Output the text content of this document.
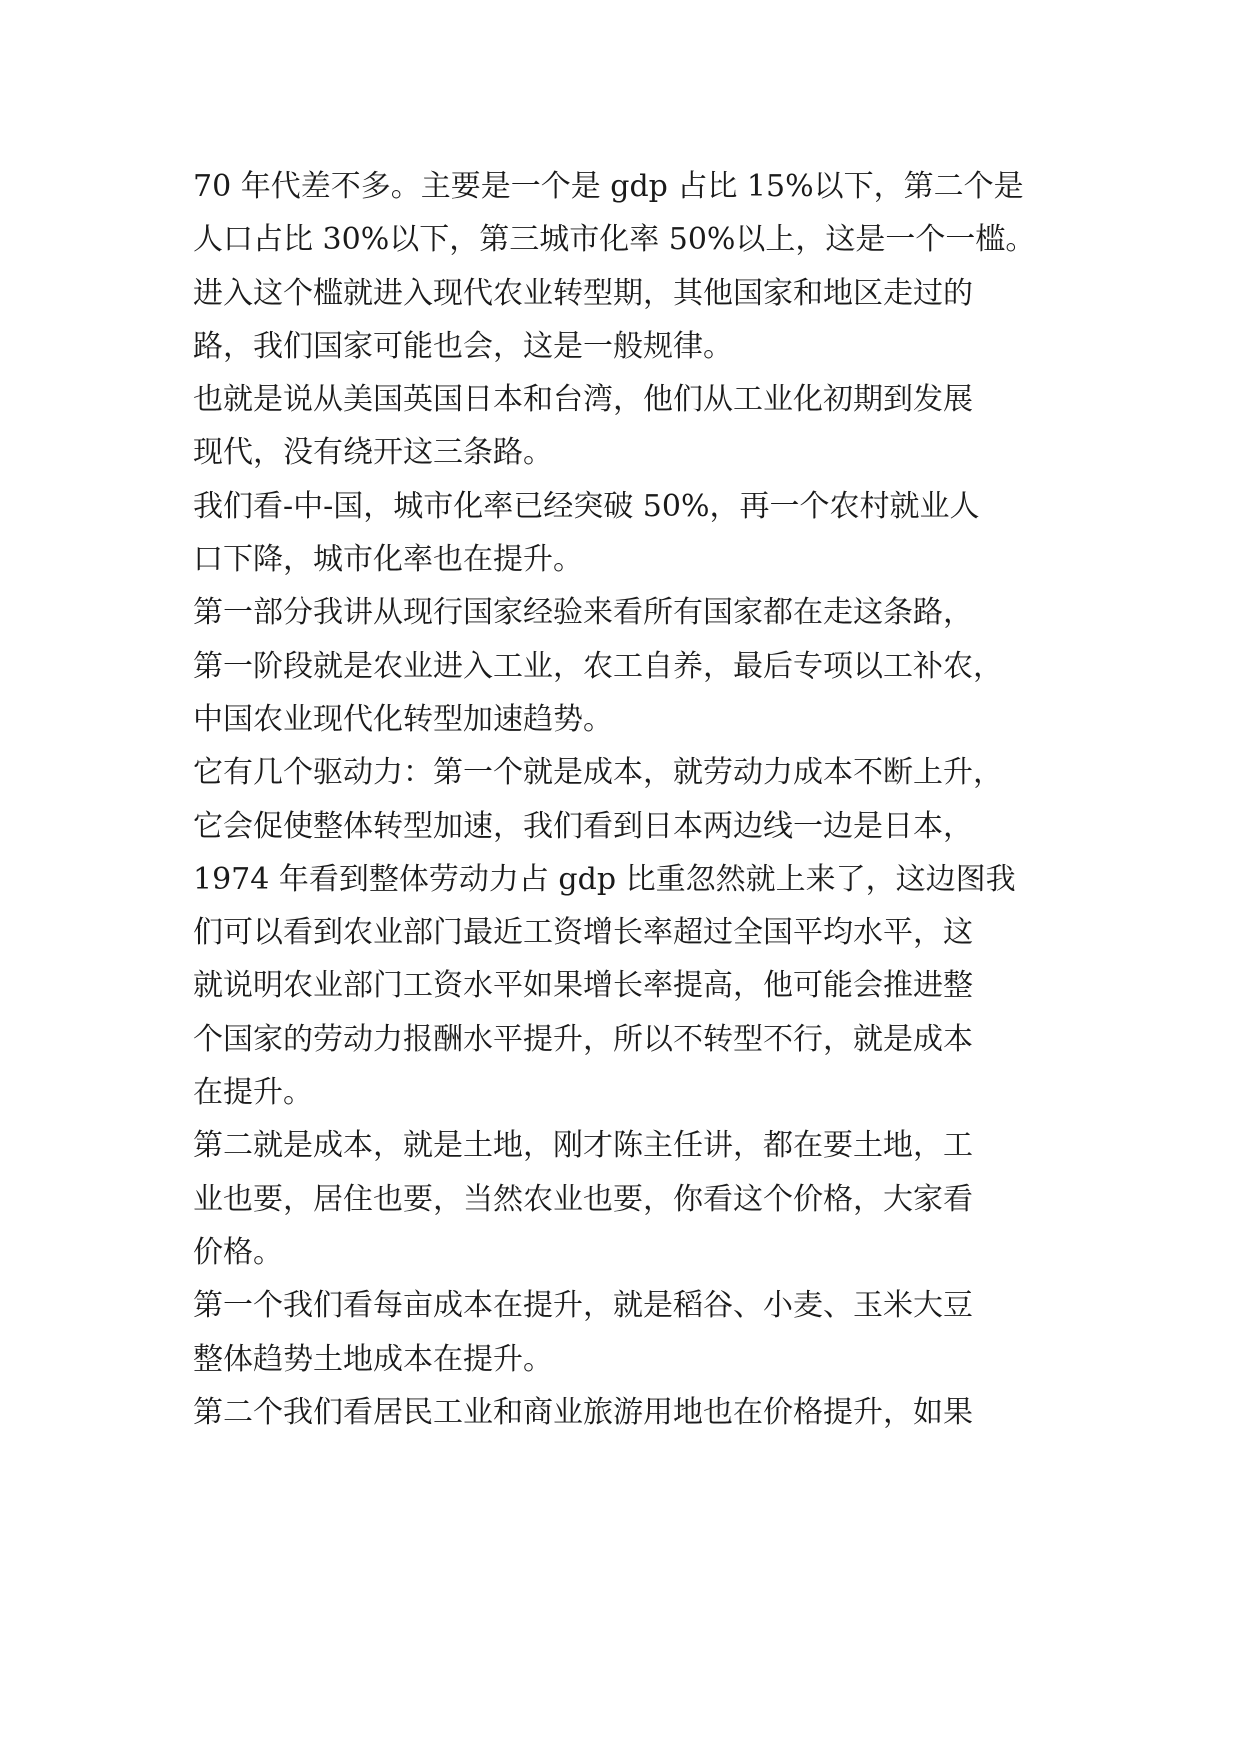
70 年代差不多。主要是一个是 gdp 占比 15%以下，第二个是
人口占比 30%以下，第三城市化率 50%以上，这是一个一槛。
进入这个槛就进入现代农业转型期，其他国家和地区走过的
路，我们国家可能也会，这是一般规律。
也就是说从美国英国日本和台湾，他们从工业化初期到发展
现代，没有绕开这三条路。
我们看-中-国，城市化率已经突破 50%，再一个农村就业人
口下降，城市化率也在提升。
第一部分我讲从现行国家经验来看所有国家都在走这条路，
第一阶段就是农业进入工业，农工自养，最后专项以工补农，
中国农业现代化转型加速趋势。
它有几个驱动力：第一个就是成本，就劳动力成本不断上升，
它会促使整体转型加速，我们看到日本两边线一边是日本，
1974 年看到整体劳动力占 gdp 比重忽然就上来了，这边图我
们可以看到农业部门最近工资增长率超过全国平均水平，这
就说明农业部门工资水平如果增长率提高，他可能会推进整
个国家的劳动力报酬水平提升，所以不转型不行，就是成本
在提升。
第二就是成本，就是土地，刚才陈主任讲，都在要土地，工
业也要，居住也要，当然农业也要，你看这个价格，大家看
价格。
第一个我们看每亩成本在提升，就是稻谷、小麦、玉米大豆
整体趋势土地成本在提升。
第二个我们看居民工业和商业旅游用地也在价格提升，如果
